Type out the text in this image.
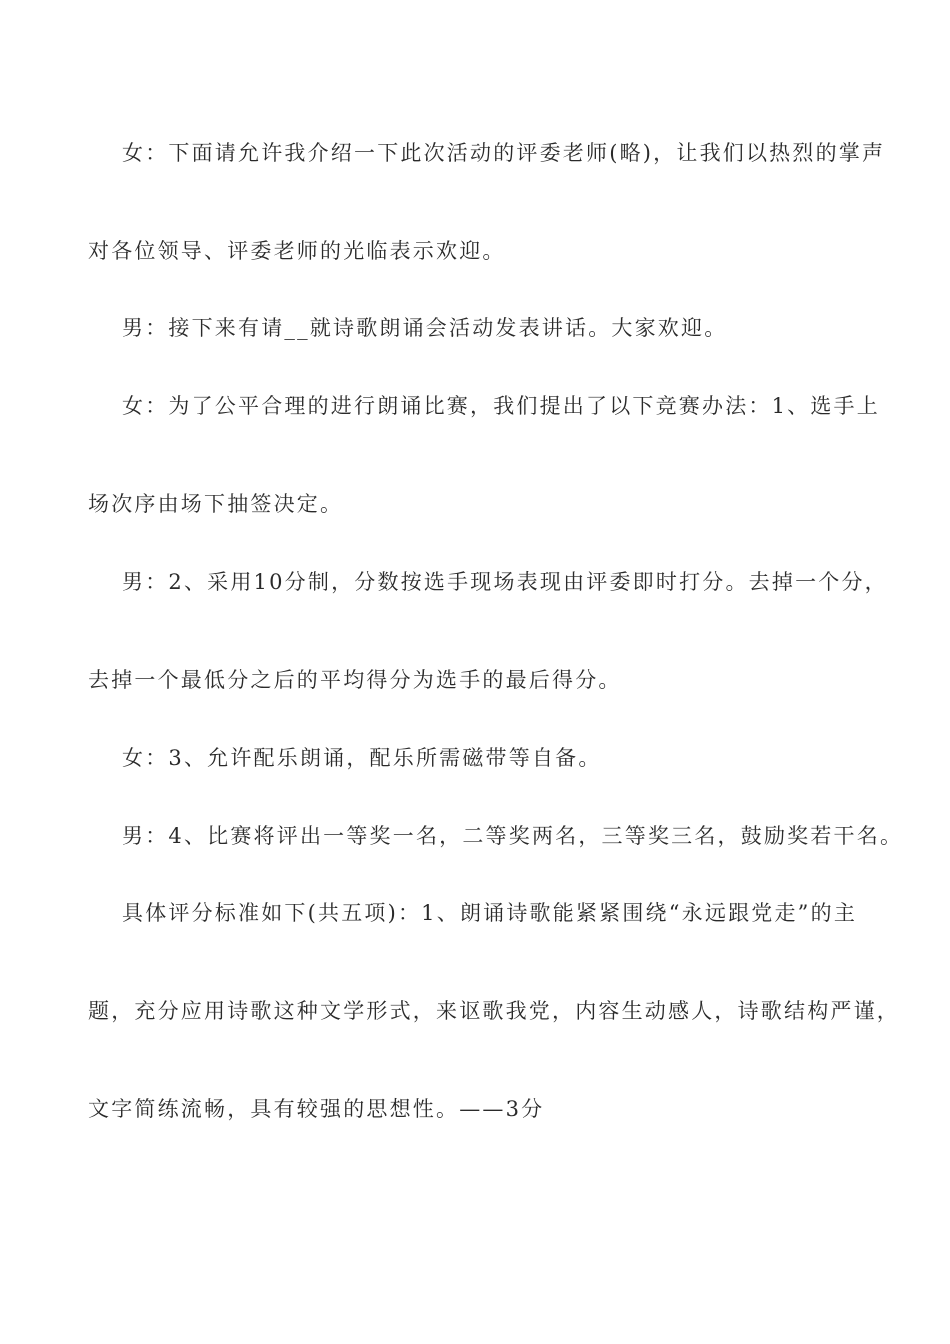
女：下面请允许我介绍一下此次活动的评委老师(略)，让我们以热烈的掌声
对各位领导、评委老师的光临表示欢迎。
男：接下来有请__就诗歌朗诵会活动发表讲话。大家欢迎。
女：为了公平合理的进行朗诵比赛，我们提出了以下竞赛办法：1、选手上
场次序由场下抽签决定。
男：2、采用10分制，分数按选手现场表现由评委即时打分。去掉一个分，
去掉一个最低分之后的平均得分为选手的最后得分。
女：3、允许配乐朗诵，配乐所需磁带等自备。
男：4、比赛将评出一等奖一名，二等奖两名，三等奖三名，鼓励奖若干名。
具体评分标准如下(共五项)：1、朗诵诗歌能紧紧围绕“永远跟党走”的主
题，充分应用诗歌这种文学形式，来讴歌我党，内容生动感人，诗歌结构严谨，
文字简练流畅，具有较强的思想性。——3分
